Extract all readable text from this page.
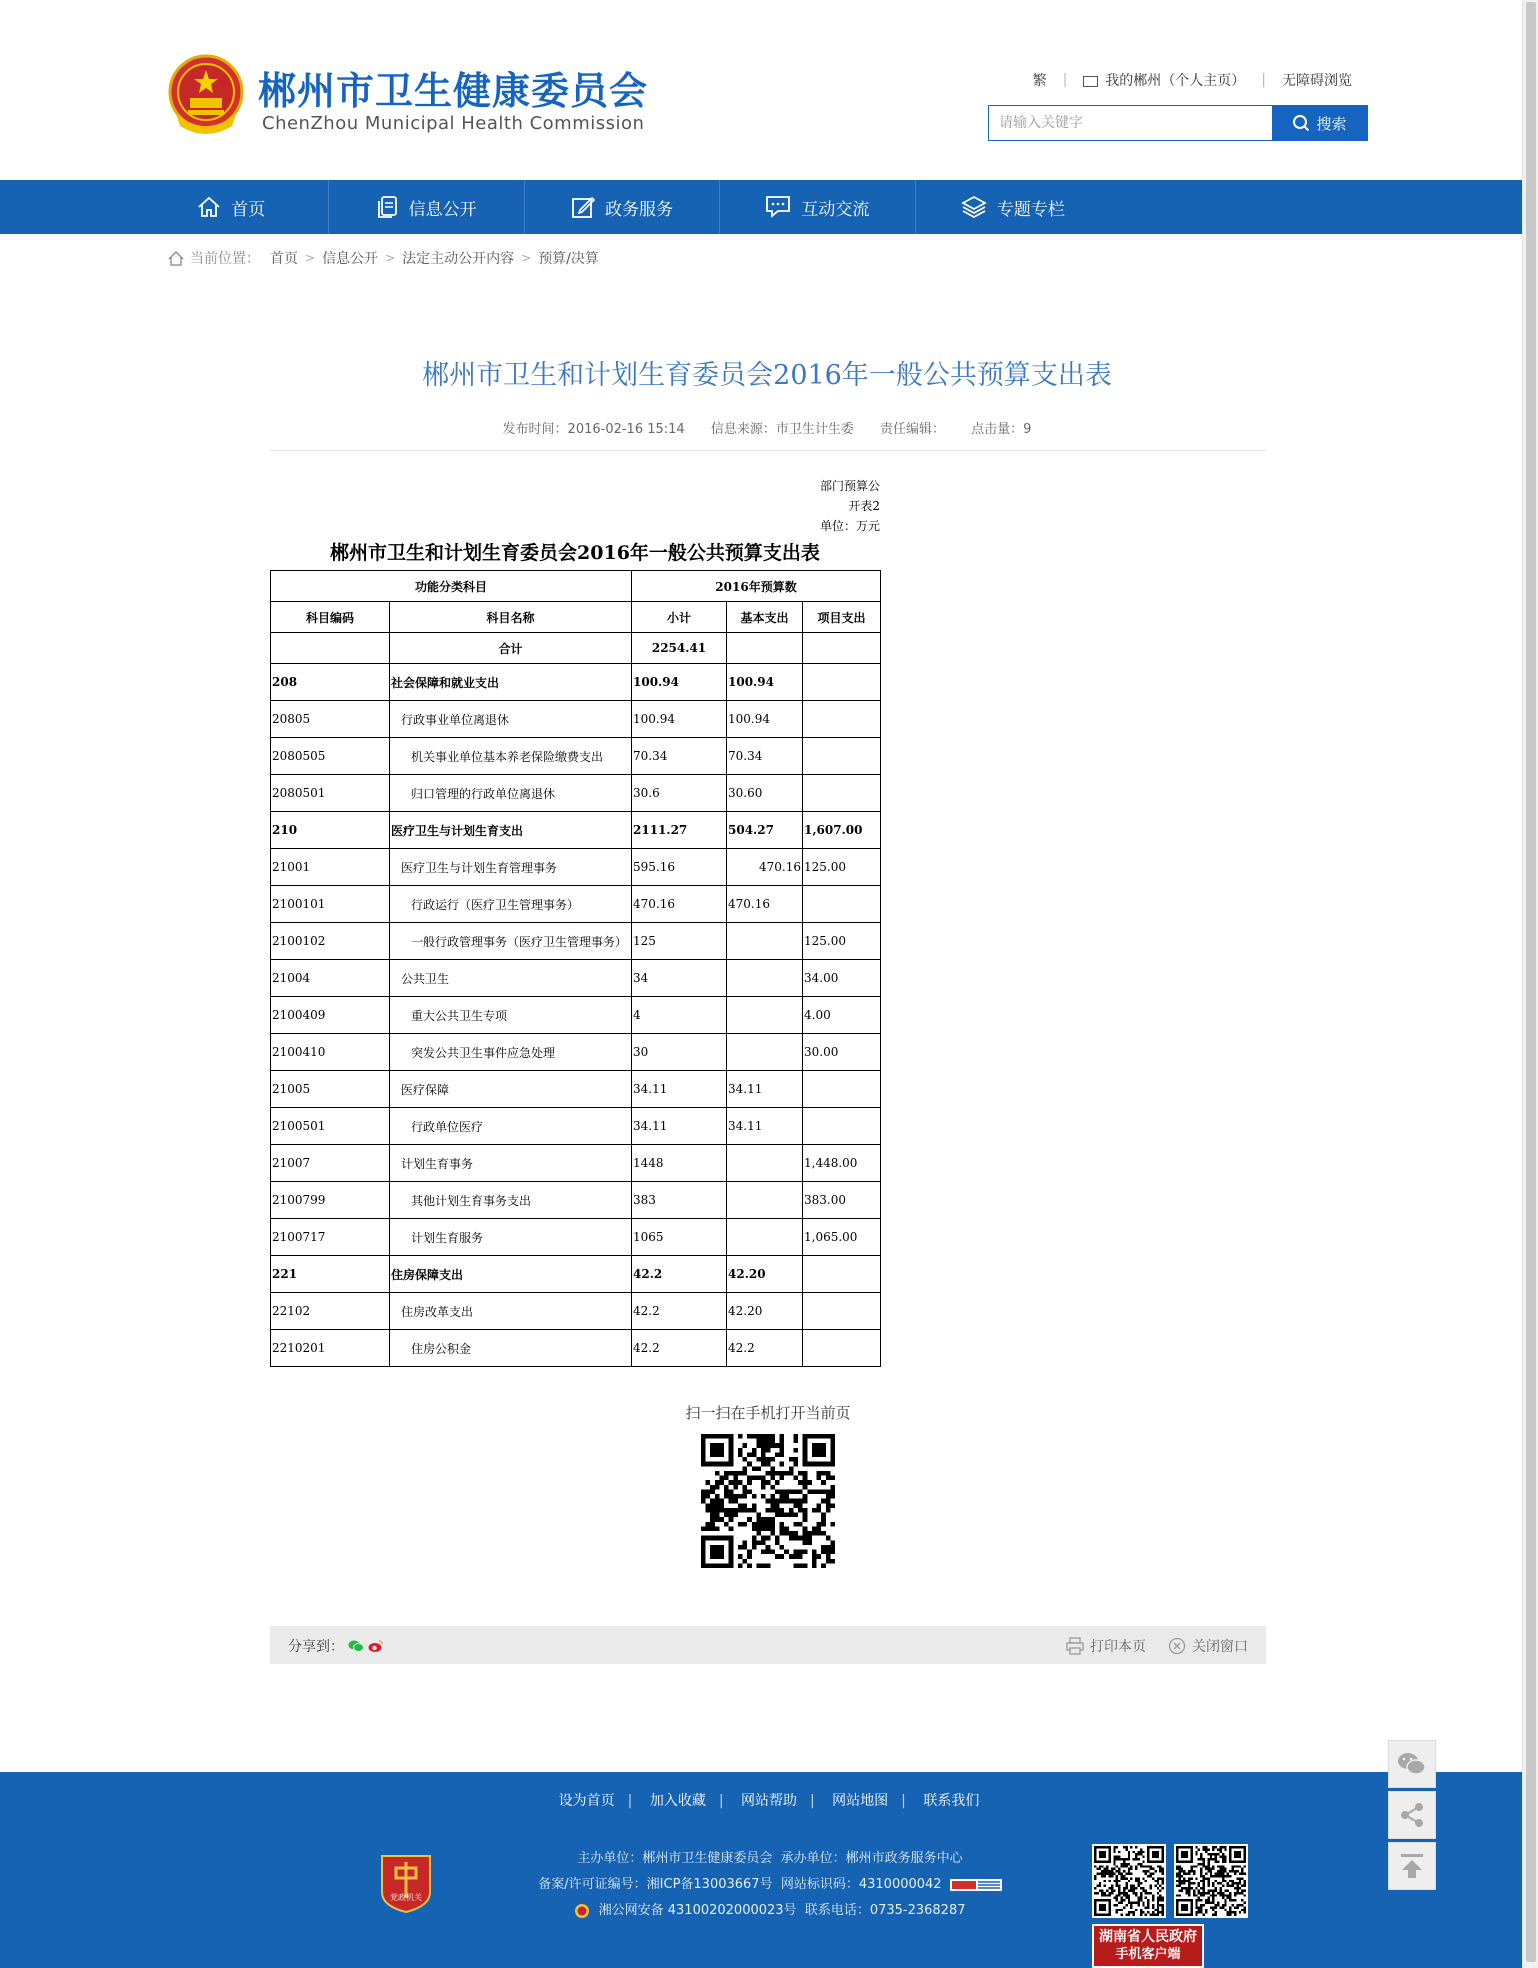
郴州市卫生健康委员会
ChenZhou Municipal Health Commission
繁 |	我的郴州（个人主页） | 无障碍浏览
请输入关键字
搜索
首页	信息公开	政务服务	互动交流	专题专栏
当前位置： 首页 > 信息公开 > 法定主动公开内容 > 预算/决算
郴州市卫生和计划生育委员会2016年一般公共预算支出表
发布时间：2016-02-16 15:14 信息来源：市卫生计生委 责任编辑： 点击量：9
部门预算公
开表2
单位：万元
郴州市卫生和计划生育委员会2016年一般公共预算支出表
功能分类科目		2016年预算数		
科目编码	科目名称	小计	基本支出	项目支出
	合计	2254.41		
208	社会保障和就业支出	100.94	100.94	
20805	行政事业单位离退休	100.94	100.94	
2080505	机关事业单位基本养老保险缴费支出	70.34	70.34	
2080501	归口管理的行政单位离退休	30.6	30.60	
210	医疗卫生与计划生育支出	2111.27	504.27	1,607.00
21001	医疗卫生与计划生育管理事务	595.16	470.16	125.00
2100101	行政运行（医疗卫生管理事务）	470.16	470.16	
2100102	一般行政管理事务（医疗卫生管理事务）	125		125.00
21004	公共卫生	34		34.00
2100409	重大公共卫生专项	4		4.00
2100410	突发公共卫生事件应急处理	30		30.00
21005	医疗保障	34.11	34.11	
2100501	行政单位医疗	34.11	34.11	
21007	计划生育事务	1448		1,448.00
2100799	其他计划生育事务支出	383		383.00
2100717	计划生育服务	1065		1,065.00
221	住房保障支出	42.2	42.20	
22102	住房改革支出	42.2	42.20	
2210201	住房公积金	42.2	42.2	
扫一扫在手机打开当前页
分享到：	打印本页	关闭窗口
设为首页 | 加入收藏 | 网站帮助 | 网站地图 | 联系我们
党政机关
主办单位：郴州市卫生健康委员会 承办单位：郴州市政务服务中心
备案/许可证编号：湘ICP备13003667号 网站标识码：4310000042
湘公网安备 43100202000023号 联系电话：0735-2368287
湖南省人民政府
手机客户端
